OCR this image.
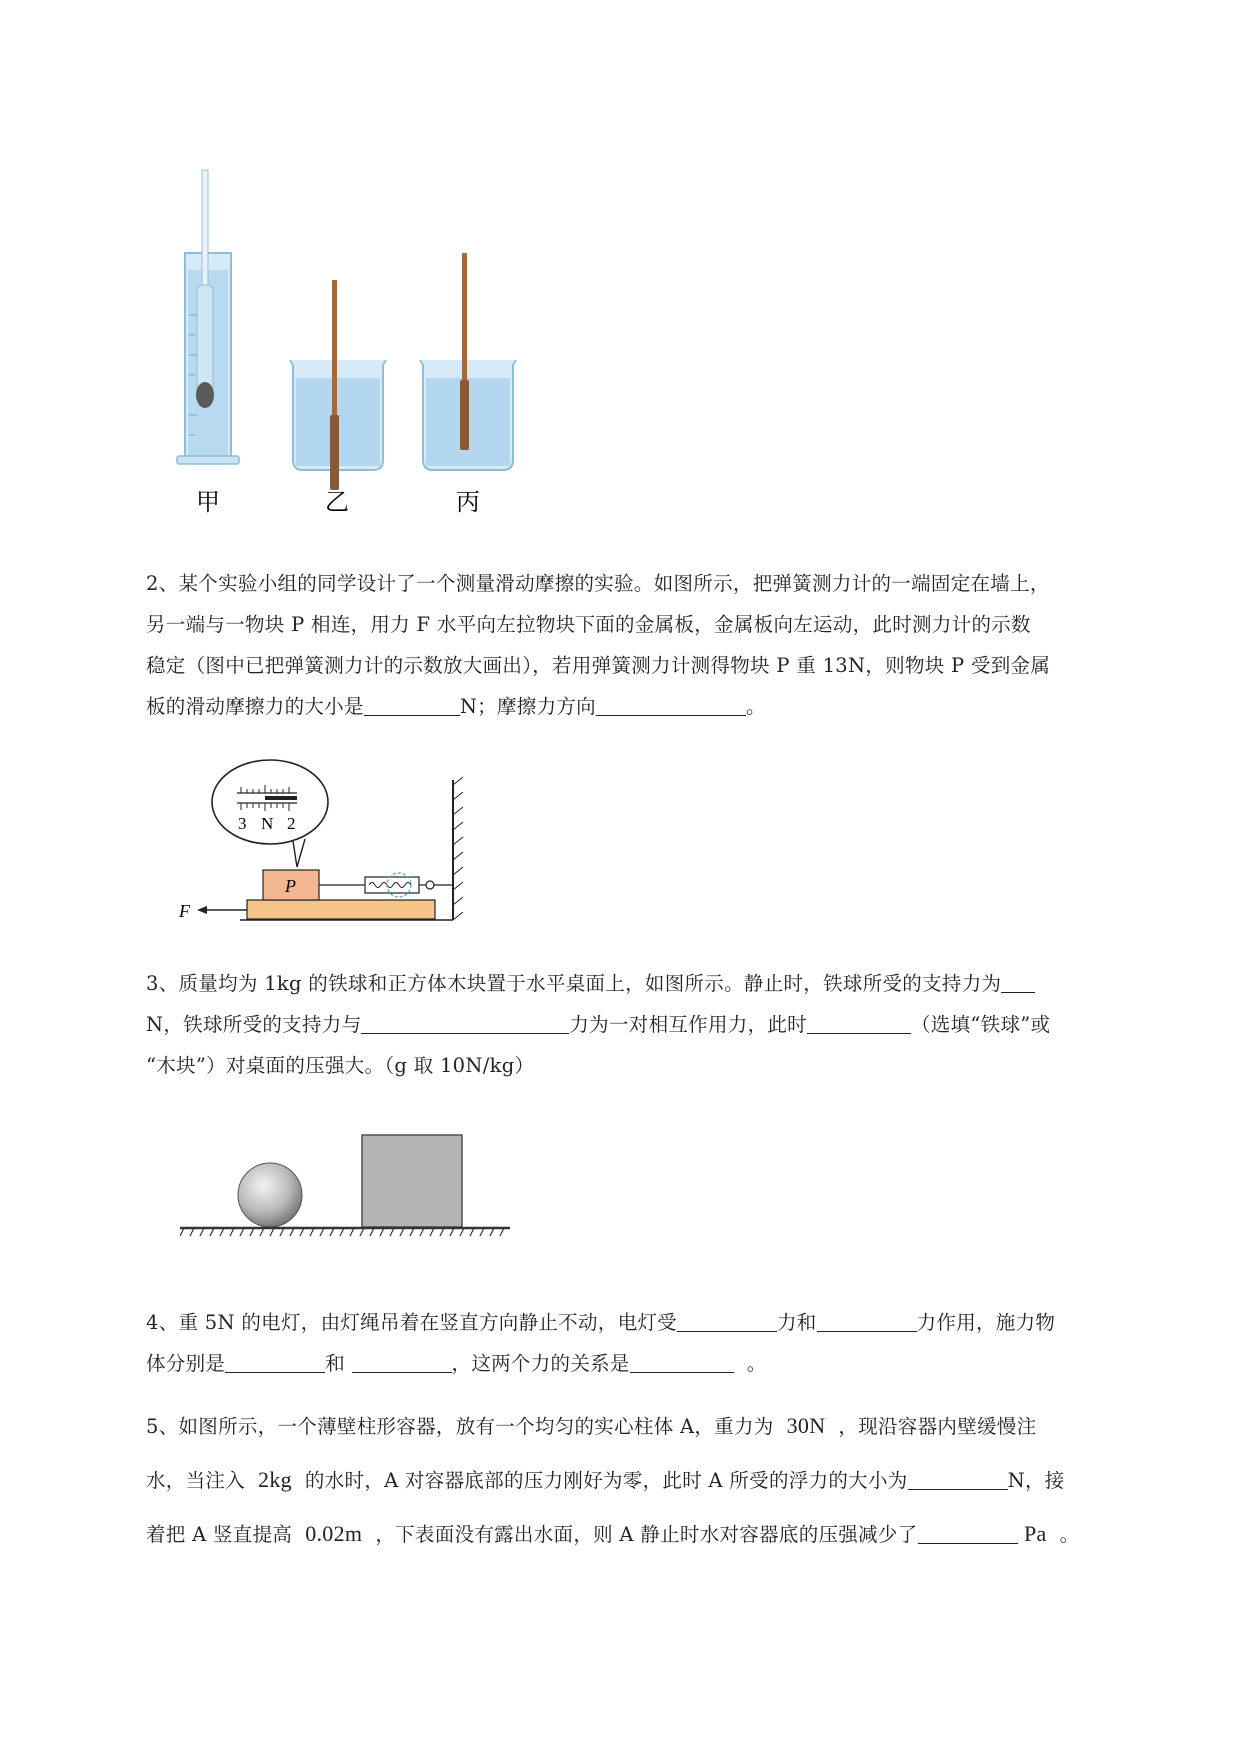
甲	乙	丙
2、某个实验小组的同学设计了一个测量滑动摩擦的实验。如图所示，把弹簧测力计的一端固定在墙上，
另一端与一物块 P 相连，用力 F 水平向左拉物块下面的金属板，金属板向左运动，此时测力计的示数
稳定（图中已把弹簧测力计的示数放大画出），若用弹簧测力计测得物块 P 重 13N，则物块 P 受到金属
板的滑动摩擦力的大小是	N；摩擦力方向	。
3 N 2
P
F
3、质量均为 1kg 的铁球和正方体木块置于水平桌面上，如图所示。静止时，铁球所受的支持力为
N，铁球所受的支持力与	力为一对相互作用力，此时	（选填“铁球”或
“木块”）对桌面的压强大。（g 取 10N/kg）
4、重 5N 的电灯，由灯绳吊着在竖直方向静止不动，电灯受	力和	力作用，施力物
体分别是	和	，这两个力的关系是	。
5、如图所示，一个薄壁柱形容器，放有一个均匀的实心柱体 A，重力为 30N ，现沿容器内壁缓慢注
水，当注入 2kg 的水时，A 对容器底部的压力刚好为零，此时 A 所受的浮力的大小为	N，接
着把 A 竖直提高 0.02m ，下表面没有露出水面，则 A 静止时水对容器底的压强减少了	Pa 。
